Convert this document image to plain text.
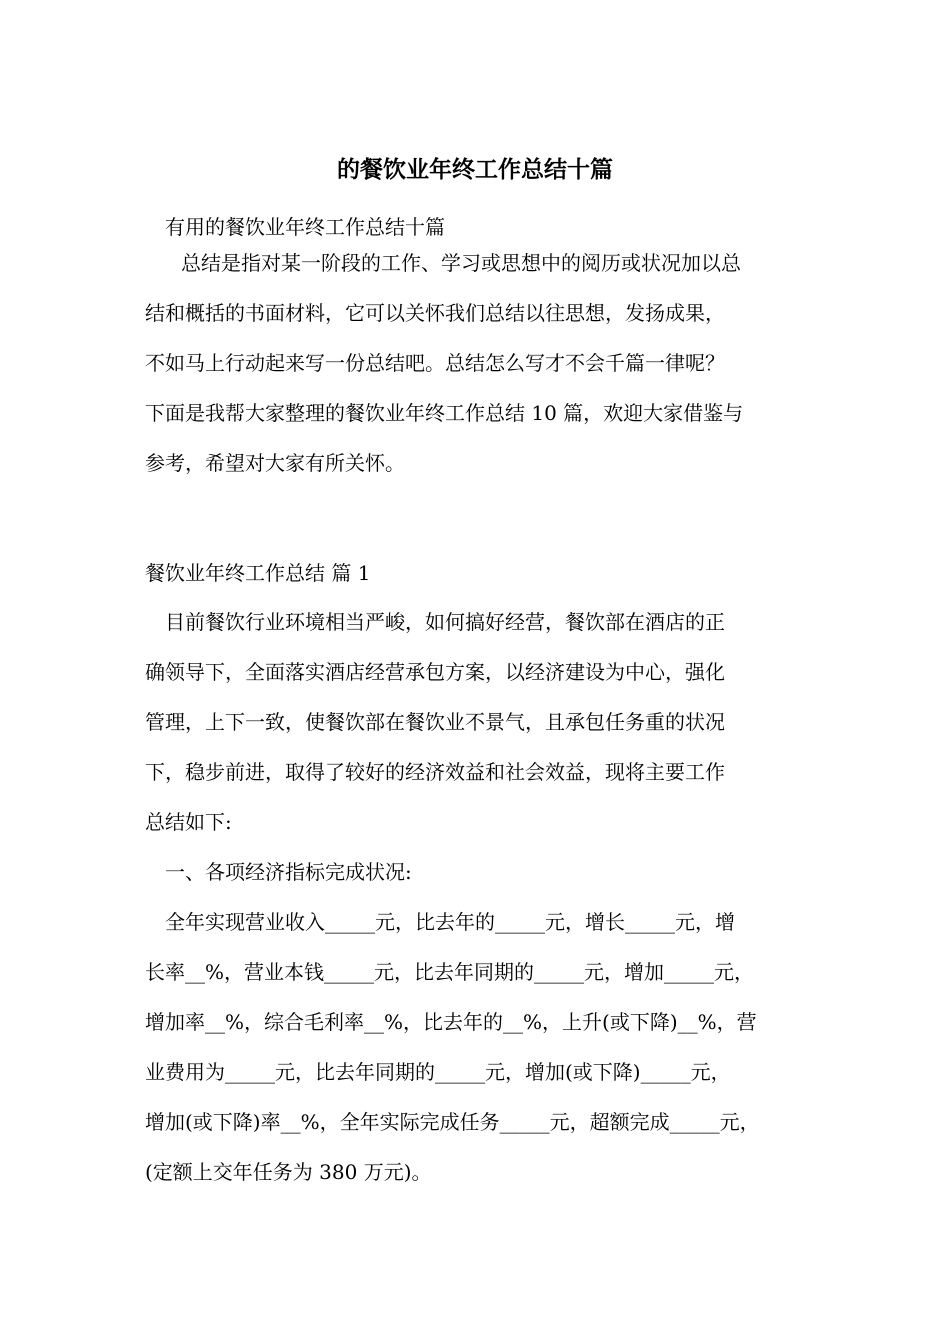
的餐饮业年终工作总结十篇

有用的餐饮业年终工作总结十篇

总结是指对某一阶段的工作、学习或思想中的阅历或状况加以总
结和概括的书面材料，它可以关怀我们总结以往思想，发扬成果，
不如马上行动起来写一份总结吧。总结怎么写才不会千篇一律呢？
下面是我帮大家整理的餐饮业年终工作总结 10 篇，欢迎大家借鉴与
参考，希望对大家有所关怀。

餐饮业年终工作总结 篇 1

目前餐饮行业环境相当严峻，如何搞好经营，餐饮部在酒店的正
确领导下，全面落实酒店经营承包方案，以经济建设为中心，强化
管理，上下一致，使餐饮部在餐饮业不景气，且承包任务重的状况
下，稳步前进，取得了较好的经济效益和社会效益，现将主要工作
总结如下:
一、各项经济指标完成状况:
全年实现营业收入_____元，比去年的_____元，增长_____元，增
长率__%，营业本钱_____元，比去年同期的_____元，增加_____元，
增加率__%，综合毛利率__%，比去年的__%，上升(或下降)__%，营
业费用为_____元，比去年同期的_____元，增加(或下降)_____元，
增加(或下降)率__%，全年实际完成任务_____元，超额完成_____元，
(定额上交年任务为 380 万元)。
